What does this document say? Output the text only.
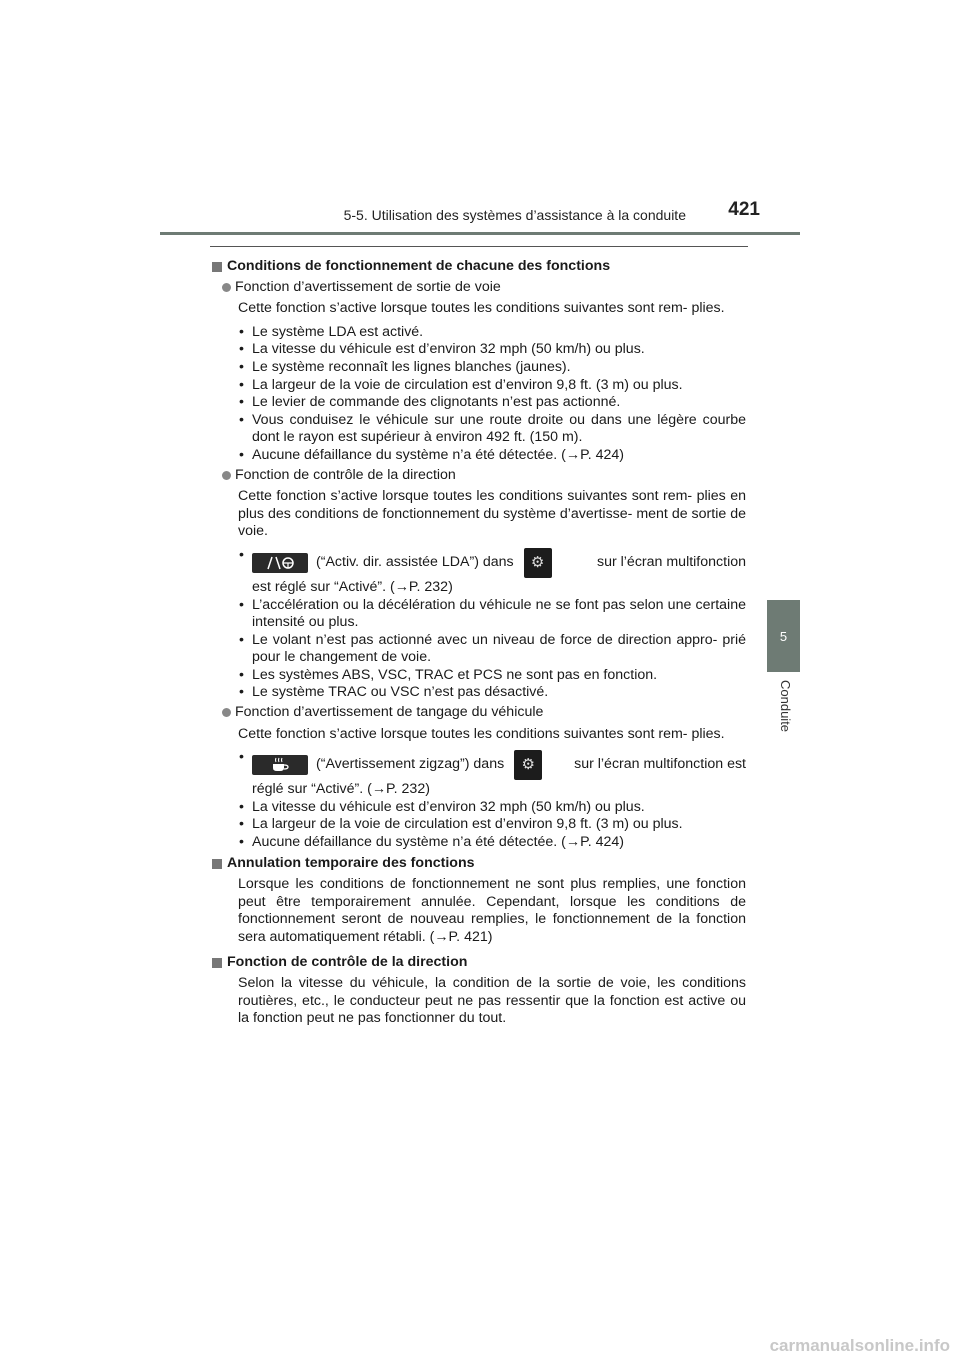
5-5. Utilisation des systèmes d’assistance à la conduite	421
5
Conduite
Conditions de fonctionnement de chacune des fonctions
Fonction d’avertissement de sortie de voie
Cette fonction s’active lorsque toutes les conditions suivantes sont rem- plies.
• Le système LDA est activé.
• La vitesse du véhicule est d’environ 32 mph (50 km/h) ou plus.
• Le système reconnaît les lignes blanches (jaunes).
• La largeur de la voie de circulation est d’environ 9,8 ft. (3 m) ou plus.
• Le levier de commande des clignotants n’est pas actionné.
• Vous conduisez le véhicule sur une route droite ou dans une légère courbe dont le rayon est supérieur à environ 492 ft. (150 m).
• Aucune défaillance du système n’a été détectée. (→P. 424)
Fonction de contrôle de la direction
Cette fonction s’active lorsque toutes les conditions suivantes sont rem- plies en plus des conditions de fonctionnement du système d’avertisse- ment de sortie de voie.
• (“Activ. dir. assistée LDA”) dans ⚙	sur l’écran multifonction
est réglé sur “Activé”. (→P. 232)
• L’accélération ou la décélération du véhicule ne se font pas selon une certaine intensité ou plus.
• Le volant n’est pas actionné avec un niveau de force de direction appro- prié pour le changement de voie.
• Les systèmes ABS, VSC, TRAC et PCS ne sont pas en fonction.
• Le système TRAC ou VSC n’est pas désactivé.
Fonction d’avertissement de tangage du véhicule
Cette fonction s’active lorsque toutes les conditions suivantes sont rem- plies.
• (“Avertissement zigzag”) dans ⚙	sur l’écran multifonction est
réglé sur “Activé”. (→P. 232)
• La vitesse du véhicule est d’environ 32 mph (50 km/h) ou plus.
• La largeur de la voie de circulation est d’environ 9,8 ft. (3 m) ou plus.
• Aucune défaillance du système n’a été détectée. (→P. 424)
Annulation temporaire des fonctions
Lorsque les conditions de fonctionnement ne sont plus remplies, une fonction peut être temporairement annulée. Cependant, lorsque les conditions de fonctionnement seront de nouveau remplies, le fonctionnement de la fonction sera automatiquement rétabli. (→P. 421)
Fonction de contrôle de la direction
Selon la vitesse du véhicule, la condition de la sortie de voie, les conditions routières, etc., le conducteur peut ne pas ressentir que la fonction est active ou la fonction peut ne pas fonctionner du tout.
carmanualsonline.info
